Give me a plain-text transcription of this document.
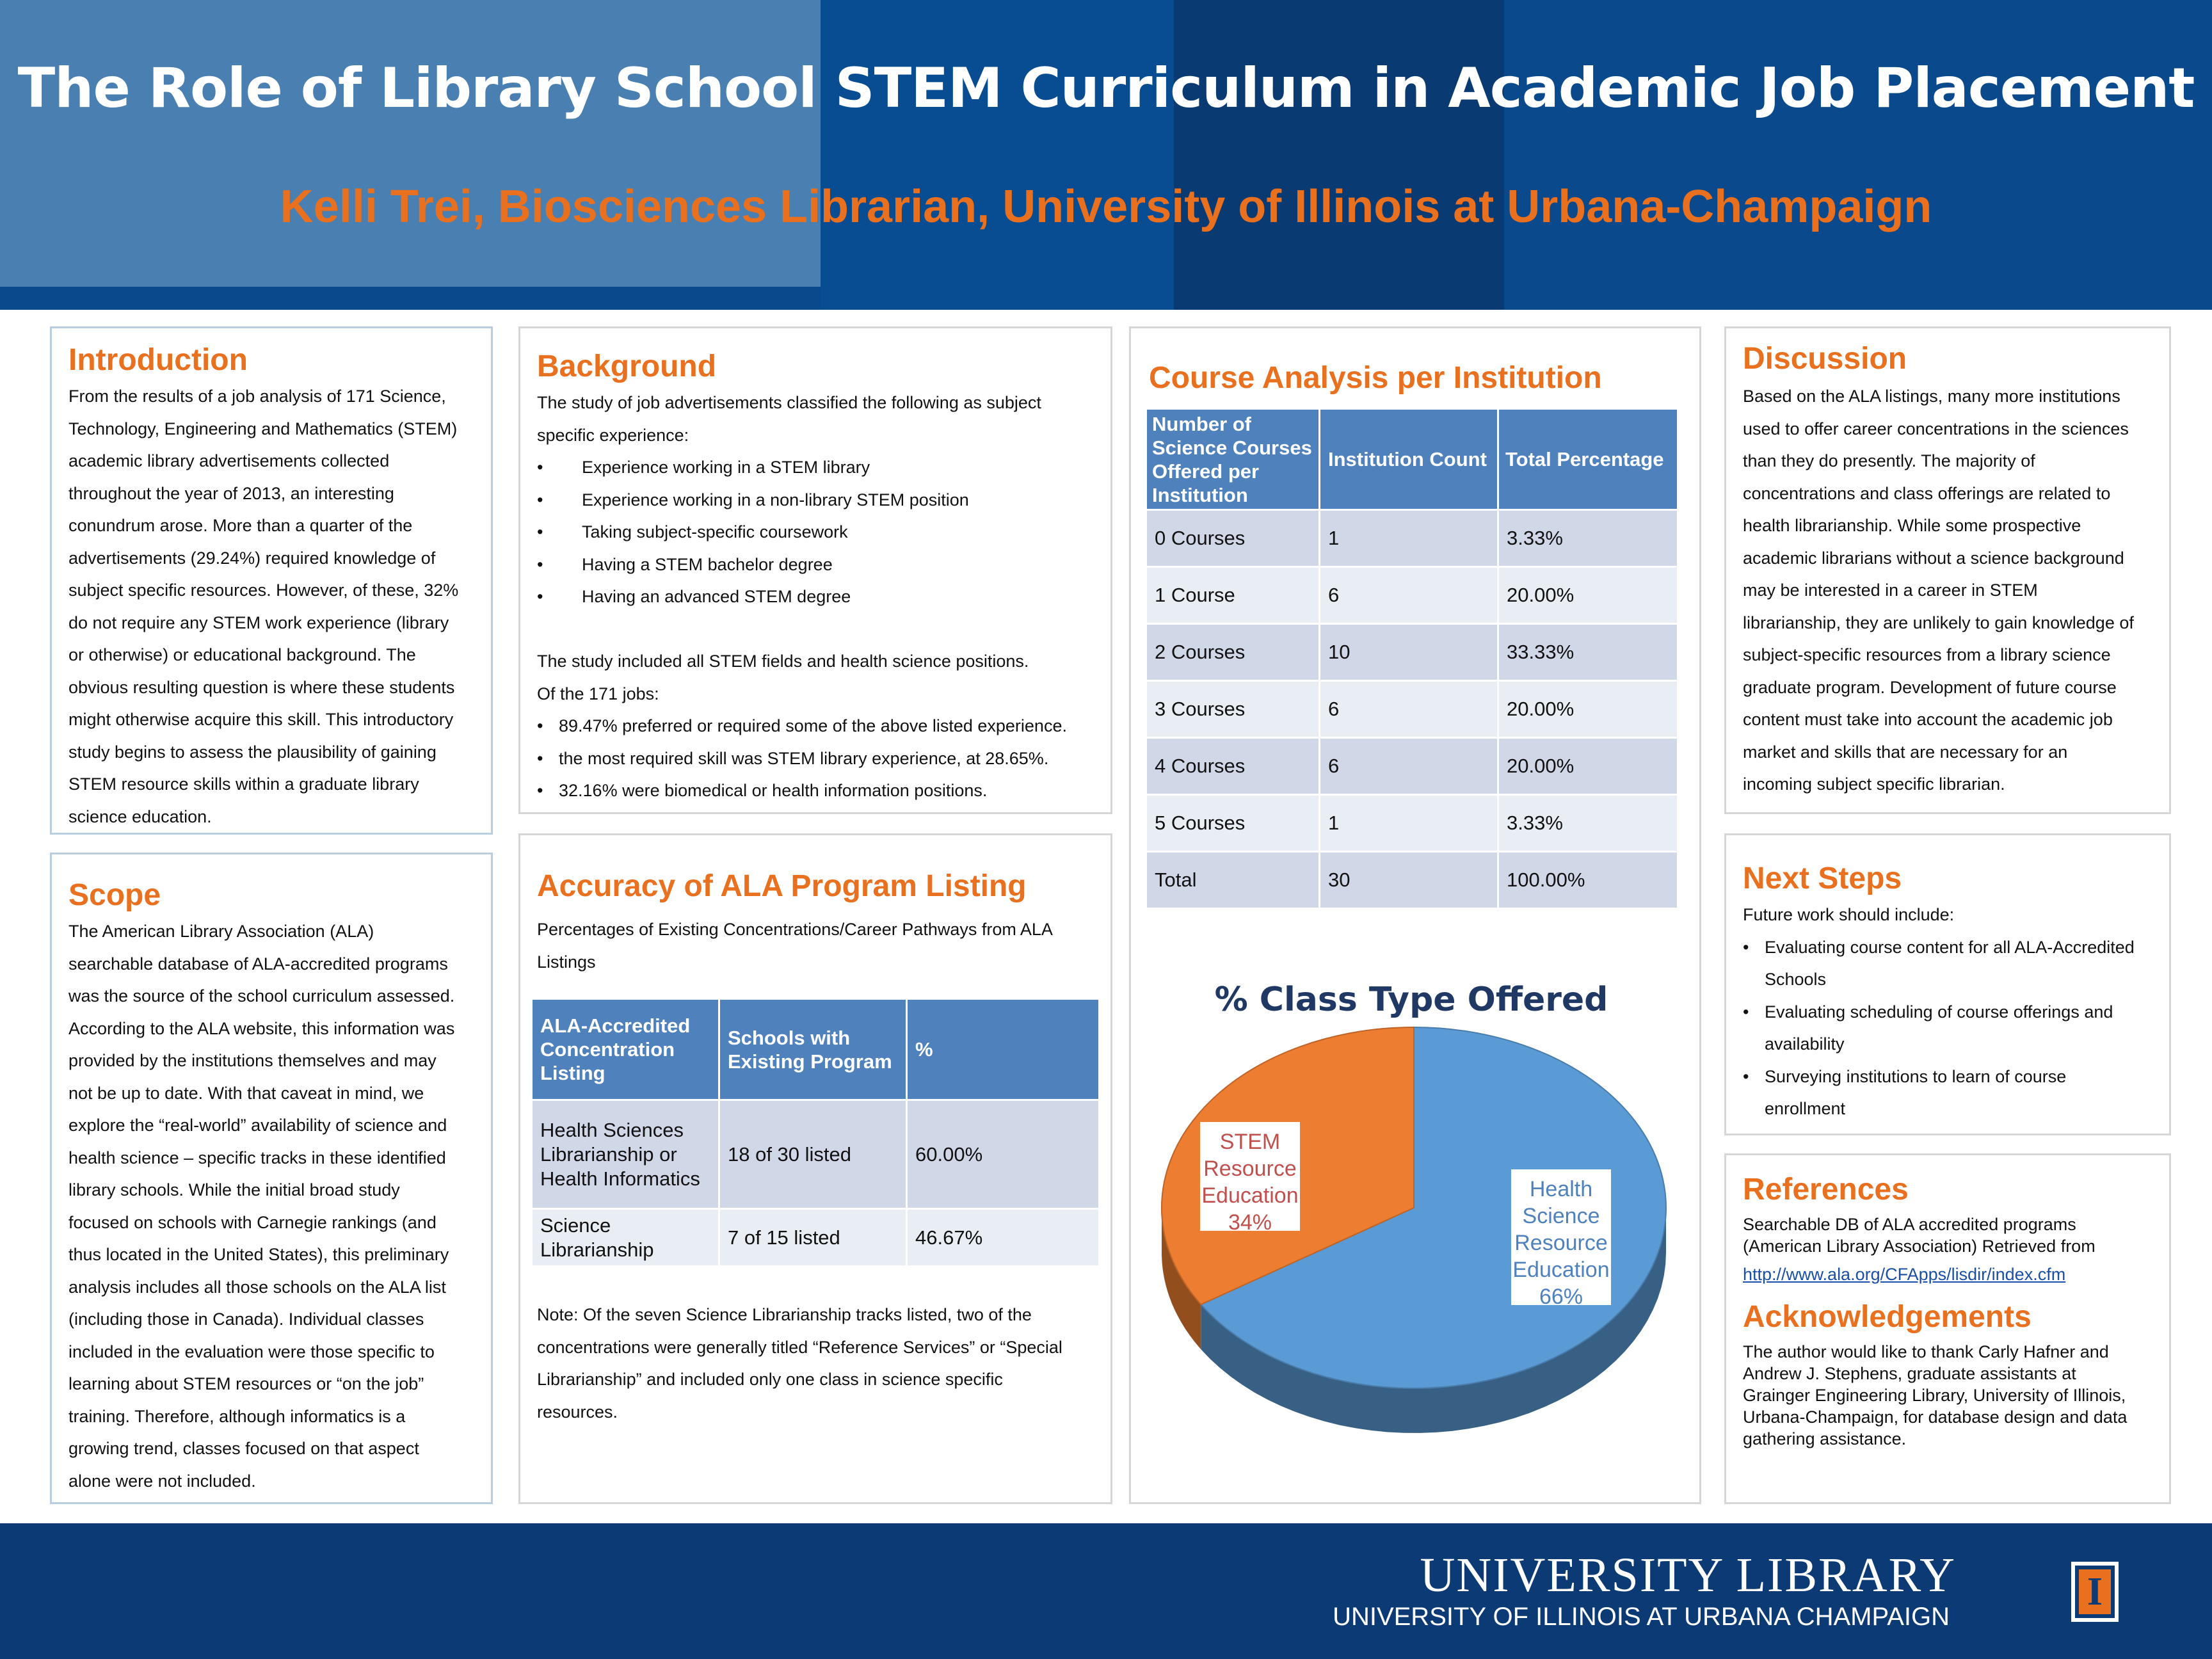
The Role of Library School STEM Curriculum in Academic Job Placement
Kelli Trei, Biosciences Librarian, University of Illinois at Urbana-Champaign
Introduction
From the results of a job analysis of 171 Science,
Technology, Engineering and Mathematics (STEM)
academic library advertisements collected
throughout the year of 2013, an interesting
conundrum arose. More than a quarter of the
advertisements (29.24%) required knowledge of
subject specific resources. However, of these, 32%
do not require any STEM work experience (library
or otherwise) or educational background. The
obvious resulting question is where these students
might otherwise acquire this skill. This introductory
study begins to assess the plausibility of gaining
STEM resource skills within a graduate library
science education.
Scope
The American Library Association (ALA)
searchable database of ALA-accredited programs
was the source of the school curriculum assessed.
According to the ALA website, this information was
provided by the institutions themselves and may
not be up to date. With that caveat in mind, we
explore the “real-world” availability of science and
health science – specific tracks in these identified
library schools. While the initial broad study
focused on schools with Carnegie rankings (and
thus located in the United States), this preliminary
analysis includes all those schools on the ALA list
(including those in Canada). Individual classes
included in the evaluation were those specific to
learning about STEM resources or “on the job”
training. Therefore, although informatics is a
growing trend, classes focused on that aspect
alone were not included.
Background
The study of job advertisements classified the following as subject
specific experience:
• Experience working in a STEM library
• Experience working in a non-library STEM position
• Taking subject-specific coursework
• Having a STEM bachelor degree
• Having an advanced STEM degree

The study included all STEM fields and health science positions.
Of the 171 jobs:
• 89.47% preferred or required some of the above listed experience.
• the most required skill was STEM library experience, at 28.65%.
• 32.16% were biomedical or health information positions.
Accuracy of ALA Program Listing
Percentages of Existing Concentrations/Career Pathways from ALA
Listings
ALA-Accredited Concentration Listing	Schools with Existing Program	%
Health Sciences Librarianship or Health Informatics	18 of 30 listed	60.00%
Science Librarianship	7 of 15 listed	46.67%
Note: Of the seven Science Librarianship tracks listed, two of the
concentrations were generally titled “Reference Services” or “Special
Librarianship” and included only one class in science specific
resources.
Course Analysis per Institution
Number of Science Courses Offered per Institution	Institution Count	Total Percentage
0 Courses	1	3.33%
1 Course	6	20.00%
2 Courses	10	33.33%
3 Courses	6	20.00%
4 Courses	6	20.00%
5 Courses	1	3.33%
Total	30	100.00%
% Class Type Offered
STEM
Resource
Education
34%
Health
Science
Resource
Education
66%
Discussion
Based on the ALA listings, many more institutions
used to offer career concentrations in the sciences
than they do presently. The majority of
concentrations and class offerings are related to
health librarianship. While some prospective
academic librarians without a science background
may be interested in a career in STEM
librarianship, they are unlikely to gain knowledge of
subject-specific resources from a library science
graduate program. Development of future course
content must take into account the academic job
market and skills that are necessary for an
incoming subject specific librarian.
Next Steps
Future work should include:
• Evaluating course content for all ALA-Accredited
Schools
• Evaluating scheduling of course offerings and
availability
• Surveying institutions to learn of course
enrollment
References
Searchable DB of ALA accredited programs
(American Library Association) Retrieved from
http://www.ala.org/CFApps/lisdir/index.cfm
Acknowledgements
The author would like to thank Carly Hafner and
Andrew J. Stephens, graduate assistants at
Grainger Engineering Library, University of Illinois,
Urbana-Champaign, for database design and data
gathering assistance.
UNIVERSITY LIBRARY
UNIVERSITY OF ILLINOIS AT URBANA CHAMPAIGN
I
